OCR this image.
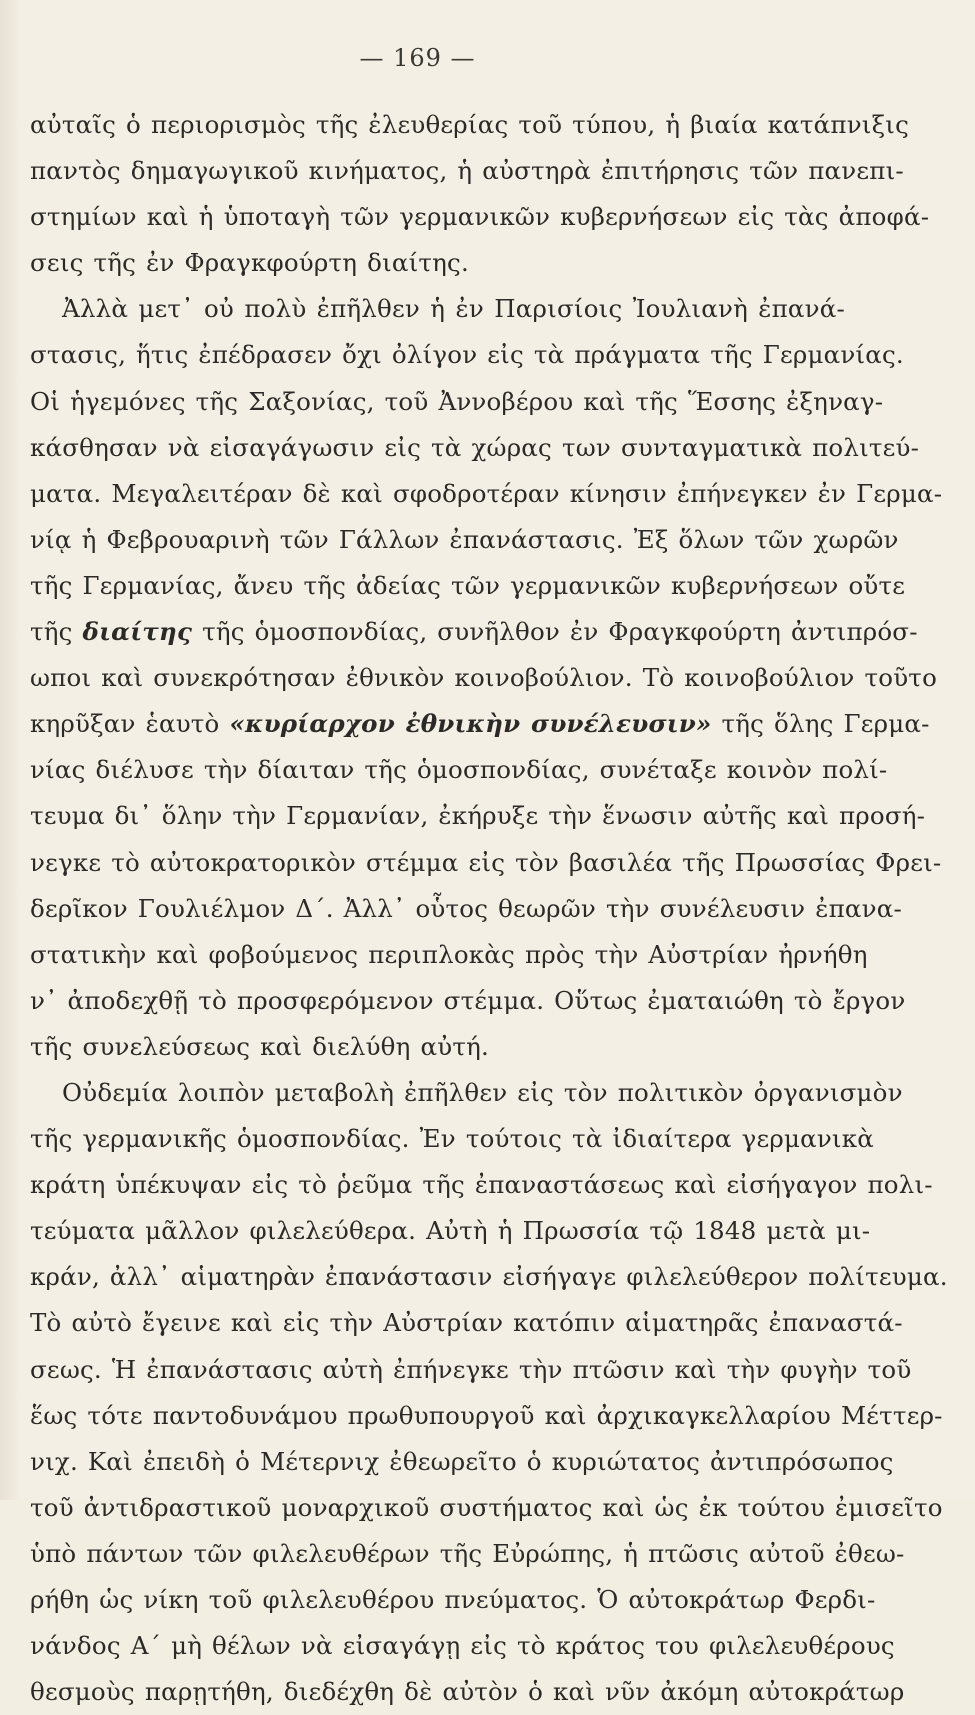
— 169 —
αὐταῖς ὁ περιορισμὸς τῆς ἐλευθερίας τοῦ τύπου, ἡ βιαία κατάπνιξις
παντὸς δημαγωγικοῦ κινήματος, ἡ αὐστηρὰ ἐπιτήρησις τῶν πανεπι-
στημίων καὶ ἡ ὑποταγὴ τῶν γερμανικῶν κυβερνήσεων εἰς τὰς ἀποφά-
σεις τῆς ἐν Φραγκφούρτη διαίτης.
Ἀλλὰ μετ᾽ οὐ πολὺ ἐπῆλθεν ἡ ἐν Παρισίοις Ἰουλιανὴ ἐπανά-
στασις, ἥτις ἐπέδρασεν ὄχι ὀλίγον εἰς τὰ πράγματα τῆς Γερμανίας.
Οἱ ἡγεμόνες τῆς Σαξονίας, τοῦ Ἀννοβέρου καὶ τῆς Ἕσσης ἐξηναγ-
κάσθησαν νὰ εἰσαγάγωσιν εἰς τὰ χώρας των συνταγματικὰ πολιτεύ-
ματα. Μεγαλειτέραν δὲ καὶ σφοδροτέραν κίνησιν ἐπήνεγκεν ἐν Γερμα-
νίᾳ ἡ Φεβρουαρινὴ τῶν Γάλλων ἐπανάστασις. Ἐξ ὅλων τῶν χωρῶν
τῆς Γερμανίας, ἄνευ τῆς ἀδείας τῶν γερμανικῶν κυβερνήσεων οὔτε
τῆς διαίτης τῆς ὁμοσπονδίας, συνῆλθον ἐν Φραγκφούρτη ἀντιπρόσ-
ωποι καὶ συνεκρότησαν ἐθνικὸν κοινοβούλιον. Τὸ κοινοβούλιον τοῦτο
κηρῦξαν ἑαυτὸ «κυρίαρχον ἐθνικὴν συνέλευσιν» τῆς ὅλης Γερμα-
νίας διέλυσε τὴν δίαιταν τῆς ὁμοσπονδίας, συνέταξε κοινὸν πολί-
τευμα δι᾽ ὅλην τὴν Γερμανίαν, ἐκήρυξε τὴν ἕνωσιν αὐτῆς καὶ προσή-
νεγκε τὸ αὐτοκρατορικὸν στέμμα εἰς τὸν βασιλέα τῆς Πρωσσίας Φρει-
δερῖκον Γουλιέλμον Δ΄. Ἀλλ᾽ οὗτος θεωρῶν τὴν συνέλευσιν ἐπανα-
στατικὴν καὶ φοβούμενος περιπλοκὰς πρὸς τὴν Αὐστρίαν ἠρνήθη
ν᾽ ἀποδεχθῇ τὸ προσφερόμενον στέμμα. Οὕτως ἐματαιώθη τὸ ἔργον
τῆς συνελεύσεως καὶ διελύθη αὐτή.
Οὐδεμία λοιπὸν μεταβολὴ ἐπῆλθεν εἰς τὸν πολιτικὸν ὀργανισμὸν
τῆς γερμανικῆς ὁμοσπονδίας. Ἐν τούτοις τὰ ἰδιαίτερα γερμανικὰ
κράτη ὑπέκυψαν εἰς τὸ ῥεῦμα τῆς ἐπαναστάσεως καὶ εἰσήγαγον πολι-
τεύματα μᾶλλον φιλελεύθερα. Αὐτὴ ἡ Πρωσσία τῷ 1848 μετὰ μι-
κράν, ἀλλ᾽ αἱματηρὰν ἐπανάστασιν εἰσήγαγε φιλελεύθερον πολίτευμα.
Τὸ αὐτὸ ἔγεινε καὶ εἰς τὴν Αὐστρίαν κατόπιν αἱματηρᾶς ἐπαναστά-
σεως. Ἡ ἐπανάστασις αὐτὴ ἐπήνεγκε τὴν πτῶσιν καὶ τὴν φυγὴν τοῦ
ἕως τότε παντοδυνάμου πρωθυπουργοῦ καὶ ἀρχικαγκελλαρίου Μέττερ-
νιχ. Καὶ ἐπειδὴ ὁ Μέτερνιχ ἐθεωρεῖτο ὁ κυριώτατος ἀντιπρόσωπος
τοῦ ἀντιδραστικοῦ μοναρχικοῦ συστήματος καὶ ὡς ἐκ τούτου ἐμισεῖτο
ὑπὸ πάντων τῶν φιλελευθέρων τῆς Εὐρώπης, ἡ πτῶσις αὐτοῦ ἐθεω-
ρήθη ὡς νίκη τοῦ φιλελευθέρου πνεύματος. Ὁ αὐτοκράτωρ Φερδι-
νάνδος Α΄ μὴ θέλων νὰ εἰσαγάγῃ εἰς τὸ κράτος του φιλελευθέρους
θεσμοὺς παρῃτήθη, διεδέχθη δὲ αὐτὸν ὁ καὶ νῦν ἀκόμη αὐτοκράτωρ
